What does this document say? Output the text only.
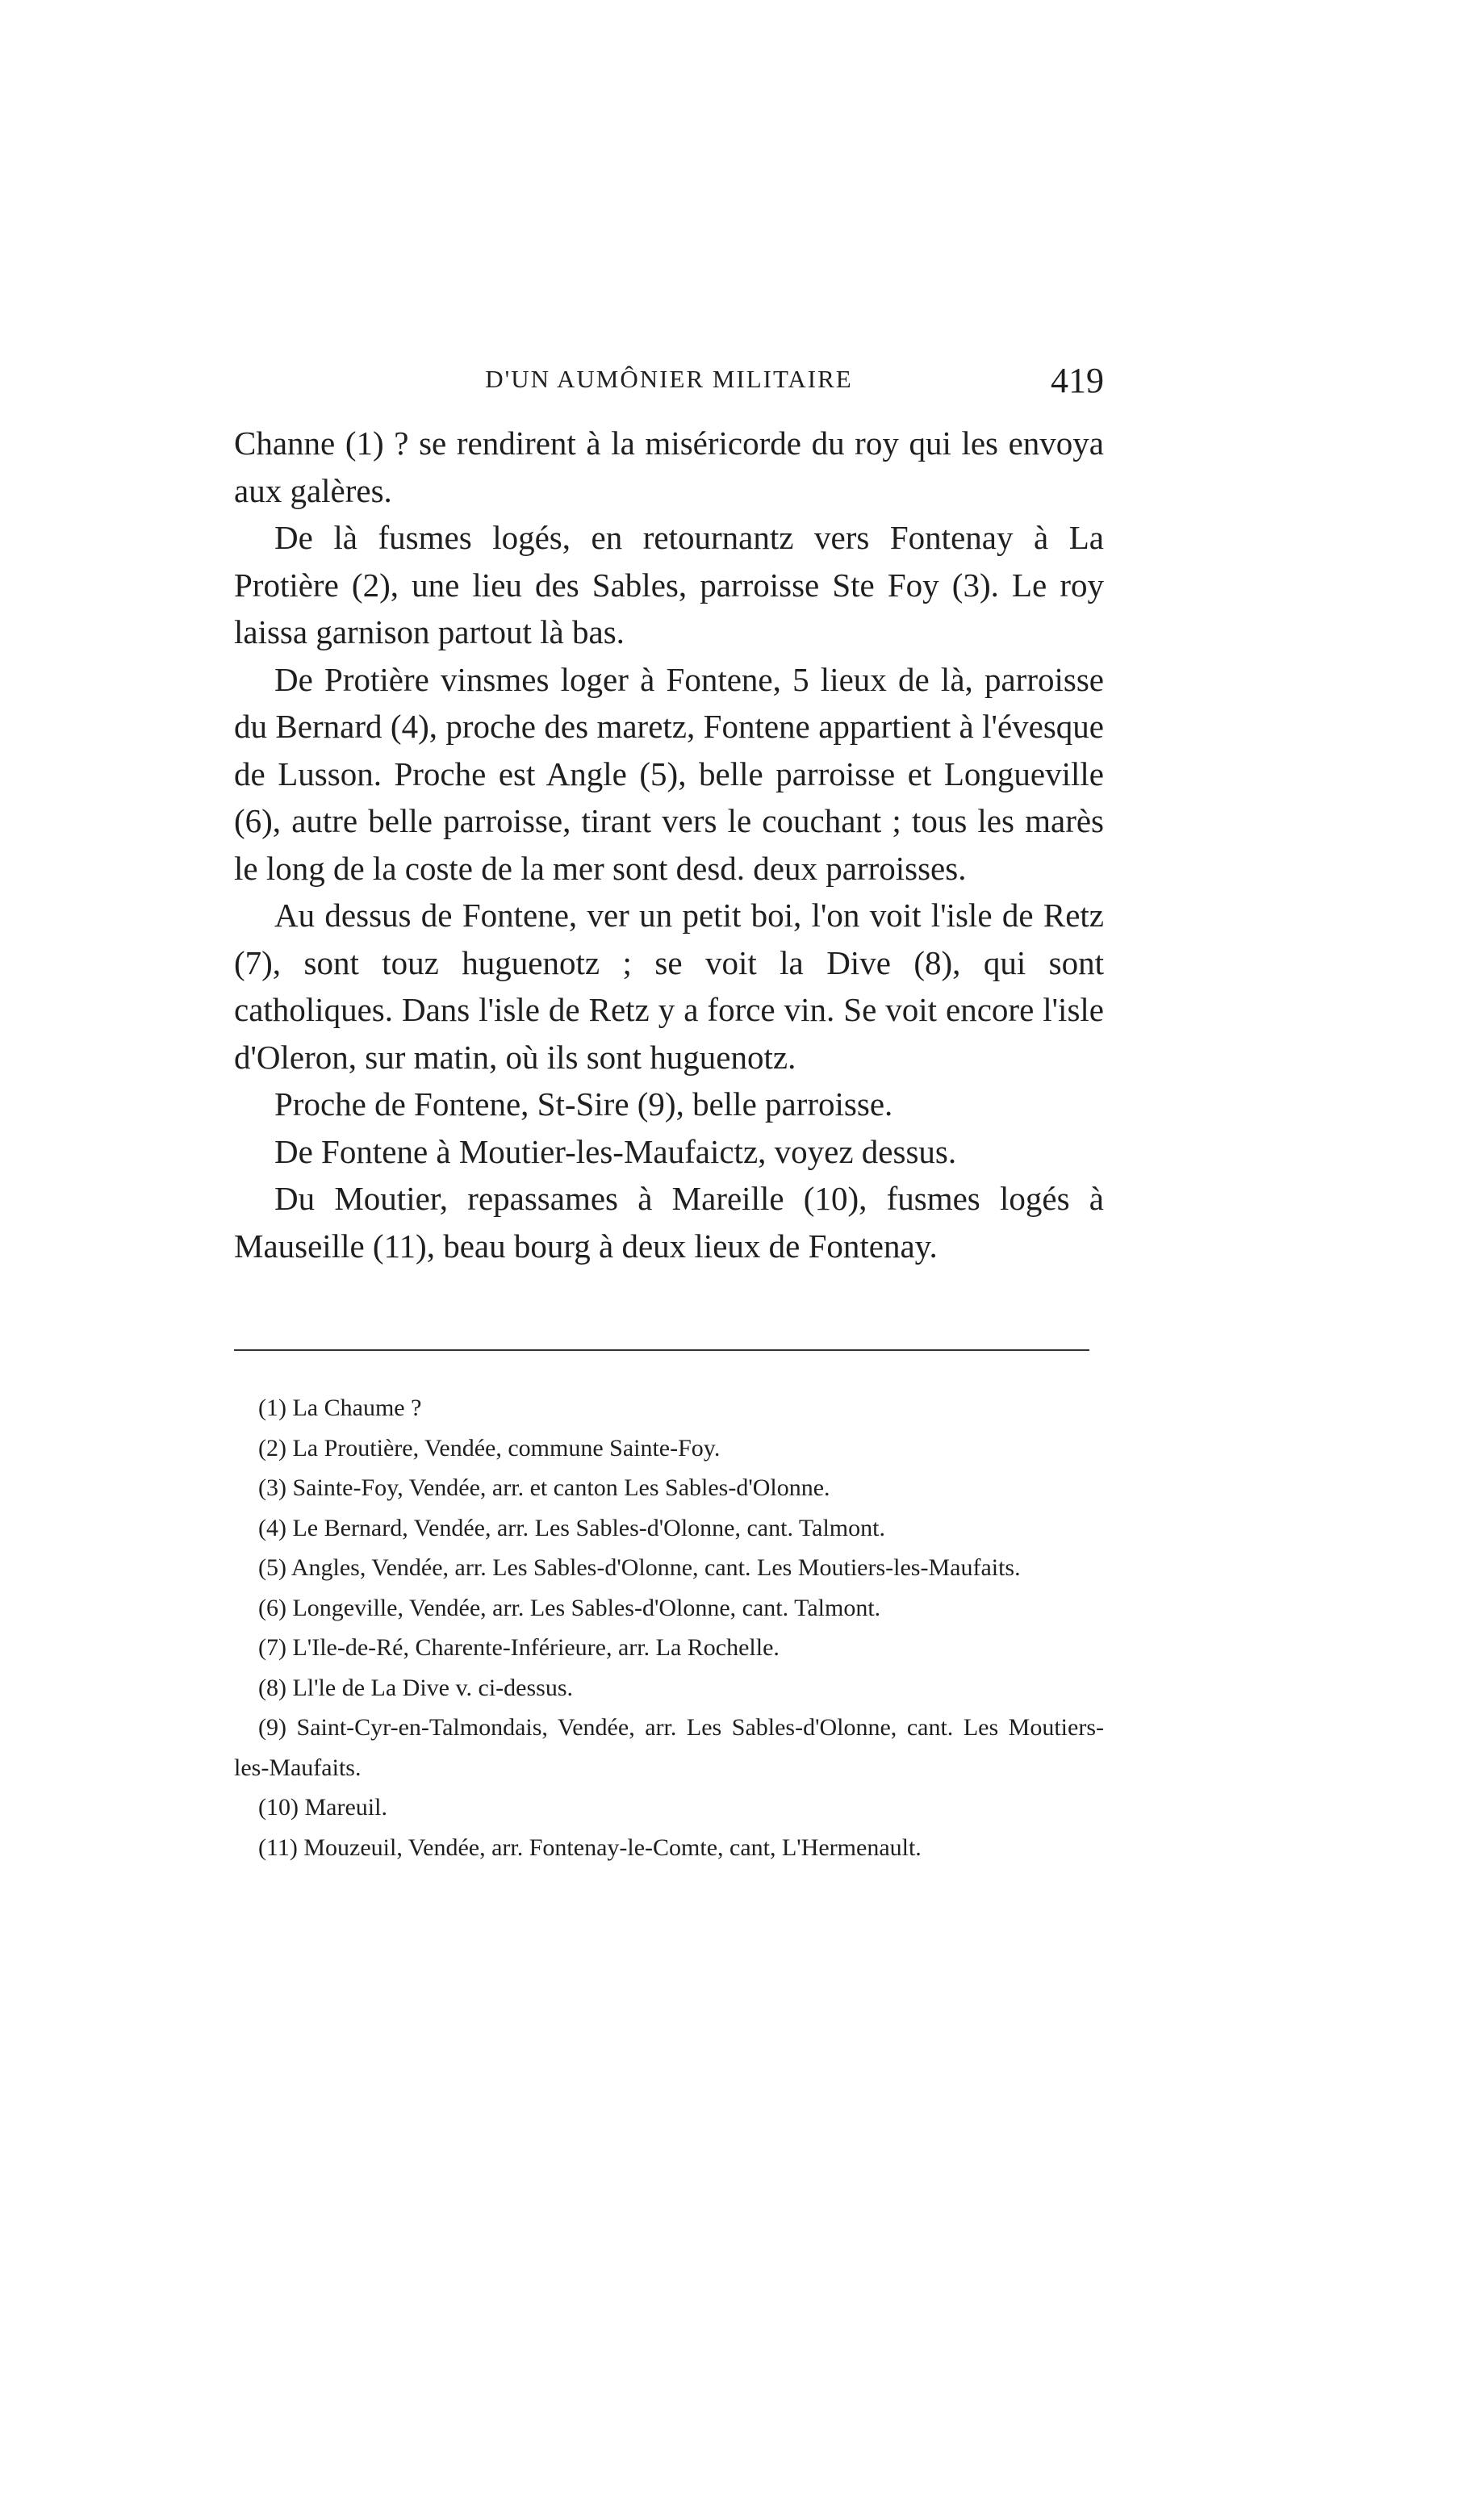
D'UN AUMÔNIER MILITAIRE	419

Channe (1) ? se rendirent à la miséricorde du roy qui les envoya aux galères.

De là fusmes logés, en retournantz vers Fontenay à La Protière (2), une lieu des Sables, parroisse Ste Foy (3). Le roy laissa garnison partout là bas.

De Protière vinsmes loger à Fontene, 5 lieux de là, parroisse du Bernard (4), proche des maretz, Fontene appartient à l'évesque de Lusson. Proche est Angle (5), belle parroisse et Longueville (6), autre belle parroisse, tirant vers le couchant ; tous les marès le long de la coste de la mer sont desd. deux parroisses.

Au dessus de Fontene, ver un petit boi, l'on voit l'isle de Retz (7), sont touz huguenotz ; se voit la Dive (8), qui sont catholiques. Dans l'isle de Retz y a force vin. Se voit encore l'isle d'Oleron, sur matin, où ils sont huguenotz.

Proche de Fontene, St-Sire (9), belle parroisse.

De Fontene à Moutier-les-Maufaictz, voyez dessus.

Du Moutier, repassames à Mareille (10), fusmes logés à Mauseille (11), beau bourg à deux lieux de Fontenay.

(1) La Chaume ?

(2) La Proutière, Vendée, commune Sainte-Foy.

(3) Sainte-Foy, Vendée, arr. et canton Les Sables-d'Olonne.

(4) Le Bernard, Vendée, arr. Les Sables-d'Olonne, cant. Talmont.

(5) Angles, Vendée, arr. Les Sables-d'Olonne, cant. Les Moutiers-les-Maufaits.

(6) Longeville, Vendée, arr. Les Sables-d'Olonne, cant. Talmont.

(7) L'Ile-de-Ré, Charente-Inférieure, arr. La Rochelle.

(8) Ll'le de La Dive v. ci-dessus.

(9) Saint-Cyr-en-Talmondais, Vendée, arr. Les Sables-d'Olonne, cant. Les Moutiers-les-Maufaits.

(10) Mareuil.

(11) Mouzeuil, Vendée, arr. Fontenay-le-Comte, cant, L'Hermenault.
